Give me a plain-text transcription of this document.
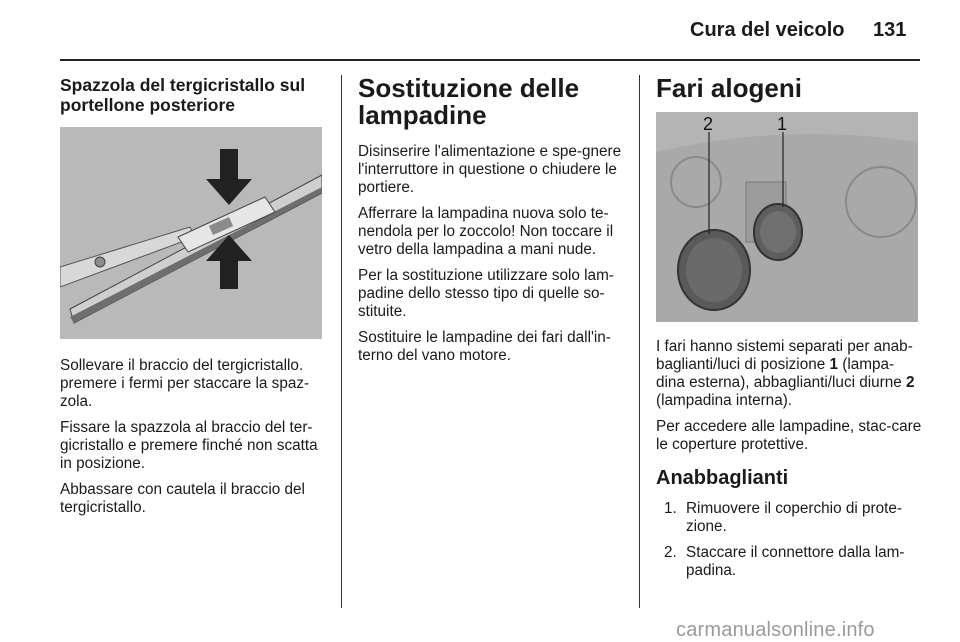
Cura del veicolo 131
Spazzola del tergicristallo sul portellone posteriore

Sollevare il braccio del tergicristallo. premere i fermi per staccare la spaz-zola.

Fissare la spazzola al braccio del ter-gicristallo e premere finché non scatta in posizione.

Abbassare con cautela il braccio del tergicristallo.

Sostituzione delle lampadine

Disinserire l'alimentazione e spe-gnere l'interruttore in questione o chiudere le portiere.

Afferrare la lampadina nuova solo te-nendola per lo zoccolo! Non toccare il vetro della lampadina a mani nude.

Per la sostituzione utilizzare solo lam-padine dello stesso tipo di quelle so-stituite.

Sostituire le lampadine dei fari dall'in-terno del vano motore.

Fari alogeni
2	1

I fari hanno sistemi separati per anab-baglianti/luci di posizione 1 (lampa-dina esterna), abbaglianti/luci diurne 2 (lampadina interna).

Per accedere alle lampadine, stac-care le coperture protettive.

Anabbaglianti
1. Rimuovere il coperchio di prote-zione.
2. Staccare il connettore dalla lam-padina.
carmanualsonline.info
